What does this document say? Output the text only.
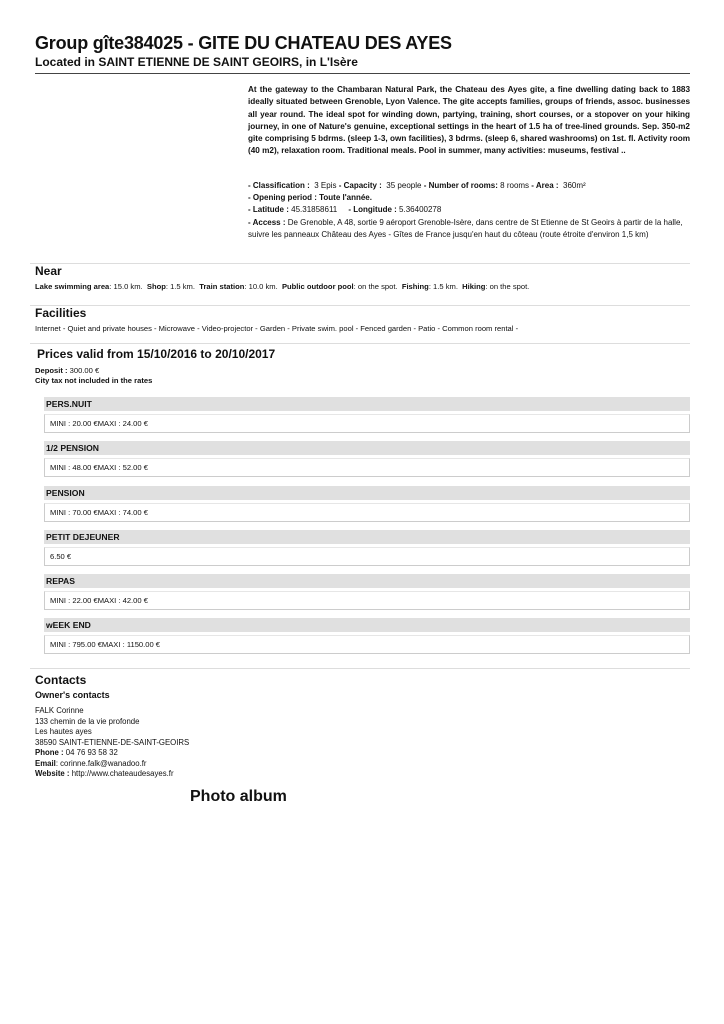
Group gîte384025 - GITE DU CHATEAU DES AYES
Located in SAINT ETIENNE DE SAINT GEOIRS, in L'Isère
At the gateway to the Chambaran Natural Park, the Chateau des Ayes gite, a fine dwelling dating back to 1883 ideally situated between Grenoble, Lyon Valence. The gite accepts families, groups of friends, assoc. businesses all year round. The ideal spot for winding down, partying, training, short courses, or a stopover on your hiking journey, in one of Nature's genuine, exceptional settings in the heart of 1.5 ha of tree-lined grounds. Sep. 350-m2 gite comprising 5 bdrms. (sleep 1-3, own facilities), 3 bdrms. (sleep 6, shared washrooms) on 1st. fl. Activity room (40 m2), relaxation room. Traditional meals. Pool in summer, many activities: museums, festival ..
- Classification : 3 Epis - Capacity : 35 people - Number of rooms: 8 rooms - Area : 360m²
- Opening period : Toute l'année.
- Latitude : 45.31858611 - Longitude : 5.36400278
- Access : De Grenoble, A 48, sortie 9 aéroport Grenoble-Isère, dans centre de St Etienne de St Geoirs à partir de la halle, suivre les panneaux Château des Ayes - Gîtes de France jusqu'en haut du côteau (route étroite d'environ 1,5 km)
Near
Lake swimming area: 15.0 km. Shop: 1.5 km. Train station: 10.0 km. Public outdoor pool: on the spot. Fishing: 1.5 km. Hiking: on the spot.
Facilities
Internet - Quiet and private houses - Microwave - Video-projector - Garden - Private swim. pool - Fenced garden - Patio - Common room rental -
Prices valid from 15/10/2016 to 20/10/2017
Deposit : 300.00 €
City tax not included in the rates
PERS.NUIT
MINI : 20.00 €MAXI : 24.00 €
1/2 PENSION
MINI : 48.00 €MAXI : 52.00 €
PENSION
MINI : 70.00 €MAXI : 74.00 €
PETIT DEJEUNER
6.50 €
REPAS
MINI : 22.00 €MAXI : 42.00 €
wEEK END
MINI : 795.00 €MAXI : 1150.00 €
Contacts
Owner's contacts
FALK Corinne
133 chemin de la vie profonde
Les hautes ayes
38590 SAINT-ETIENNE-DE-SAINT-GEOIRS
Phone : 04 76 93 58 32
Email: corinne.falk@wanadoo.fr
Website : http://www.chateaudesayes.fr
Photo album
